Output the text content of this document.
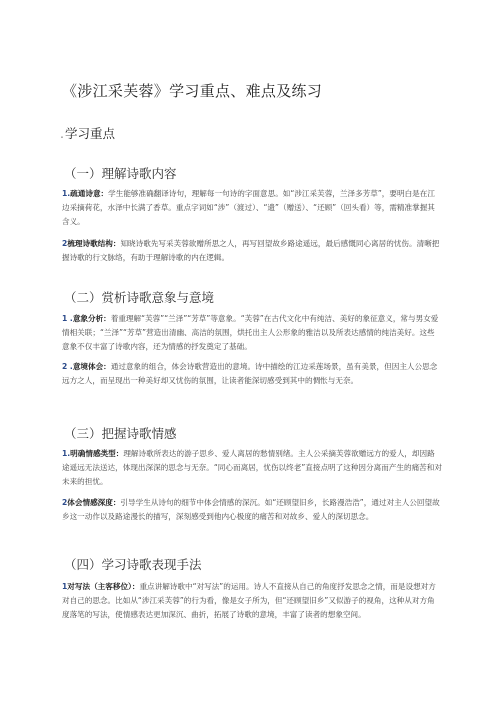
《涉江采芙蓉》学习重点、难点及练习
.学习重点
（一）理解诗歌内容
1.疏通诗意：学生能够准确翻译诗句，理解每一句诗的字面意思。如“涉江采芙蓉，兰泽多芳草”，要明白是在江边采摘荷花，水泽中长满了香草。重点字词如“涉”（渡过）、“遗”（赠送）、“还顾”（回头看）等，需精准掌握其含义。
2梳理诗歌结构：知晓诗歌先写采芙蓉欲赠所思之人，再写回望故乡路途遥远，最后感慨同心离居的忧伤。清晰把握诗歌的行文脉络，有助于理解诗歌的内在逻辑。
（二）赏析诗歌意象与意境
1 .意象分析：着重理解“芙蓉”“兰泽”“芳草”等意象。“芙蓉”在古代文化中有纯洁、美好的象征意义，常与男女爱情相关联；“兰泽”“芳草”营造出清幽、高洁的氛围，烘托出主人公形象的雅洁以及所表达感情的纯洁美好。这些意象不仅丰富了诗歌内容，还为情感的抒发奠定了基础。
2 .意境体会：通过意象的组合，体会诗歌营造出的意境。诗中描绘的江边采莲场景，虽有美景，但因主人公思念远方之人，而呈现出一种美好却又忧伤的氛围，让读者能深切感受到其中的惆怅与无奈。
（三）把握诗歌情感
1.明确情感类型：理解诗歌所表达的游子思乡、爱人离居的愁情别绪。主人公采摘芙蓉欲赠远方的爱人，却因路途遥远无法送达，体现出深深的思念与无奈。“同心而离居，忧伤以终老”直接点明了这种因分离而产生的痛苦和对未来的担忧。
2体会情感深度：引导学生从诗句的细节中体会情感的深沉。如“还顾望旧乡，长路漫浩浩”，通过对主人公回望故乡这一动作以及路途漫长的描写，深刻感受到他内心极度的痛苦和对故乡、爱人的深切思念。
（四）学习诗歌表现手法
1对写法（主客移位）：重点讲解诗歌中“对写法”的运用。诗人不直接从自己的角度抒发思念之情，而是设想对方对自己的思念。比如从“涉江采芙蓉”的行为看，像是女子所为，但“还顾望旧乡”又似游子的视角，这种从对方角度落笔的写法，使情感表达更加深沉、曲折，拓展了诗歌的意境，丰富了读者的想象空间。
